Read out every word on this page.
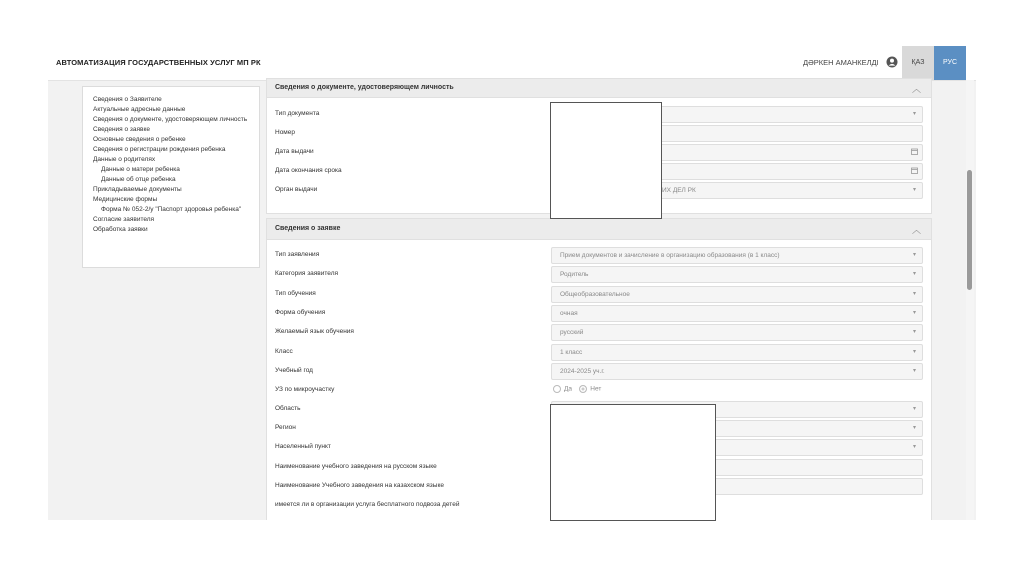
АВТОМАТИЗАЦИЯ ГОСУДАРСТВЕННЫХ УСЛУГ МП РК	ДӘРКЕН АМАНКЕЛДІ	ҚАЗ	РУС
Сведения о Заявителе
Актуальные адресные данные
Сведения о документе, удостоверяющем личность
Сведения о заявке
Основные сведения о ребенке
Сведения о регистрации рождения ребенка
Данные о родителях
Данные о матери ребенка
Данные об отце ребенка
Прикладываемые документы
Медицинские формы
Форма № 052-2/у "Паспорт здоровья ребенка"
Согласие заявителя
Обработка заявки
Сведения о документе, удостоверяющем личность	︿
Тип документа	▾
Номер
Дата выдачи
Дата окончания срока
Орган выдачи	ИХ ДЕЛ РК	▾
Сведения о заявке	︿
Тип заявления	Прием документов и зачисление в организацию образования (в 1 класс)	▾
Категория заявителя	Родитель	▾
Тип обучения	Общеобразовательное	▾
Форма обучения	очная	▾
Желаемый язык обучения	русский	▾
Класс	1 класс	▾
Учебный год	2024-2025 уч.г.	▾
УЗ по микроучастку	Да	Нет
Область	▾
Регион	▾
Населенный пункт	▾
Наименование учебного заведения на русском языке
Наименование Учебного заведения на казахском языке
имеется ли в организации услуга бесплатного подвоза детей
